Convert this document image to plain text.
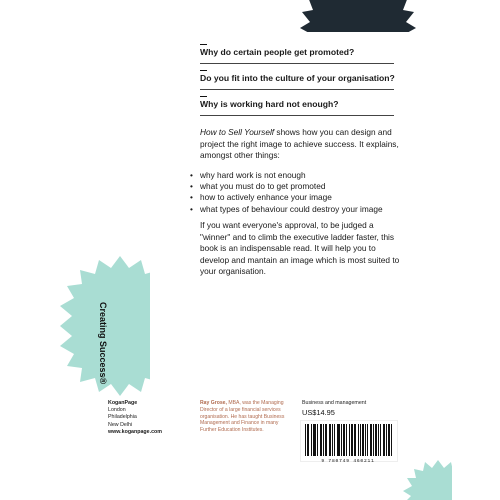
Why do certain people get promoted?
Do you fit into the culture of your organisation?
Why is working hard not enough?
How to Sell Yourself shows how you can design and project the right image to achieve success. It explains, amongst other things:
• why hard work is not enough
• what you must do to get promoted
• how to actively enhance your image
• what types of behaviour could destroy your image
If you want everyone's approval, to be judged a "winner" and to climb the executive ladder faster, this book is an indispensable read. It will help you to develop and mantain an image which is most suited to your organisation.
Creating Success®
KoganPage
London
Philadelphia
New Delhi
www.koganpage.com
Ray Grose, MBA, was the Managing Director of a large financial services organisation. He has taught Business Management and Finance in many Further Education Institutes.
Business and management
US$14.95
9 780749 460211
